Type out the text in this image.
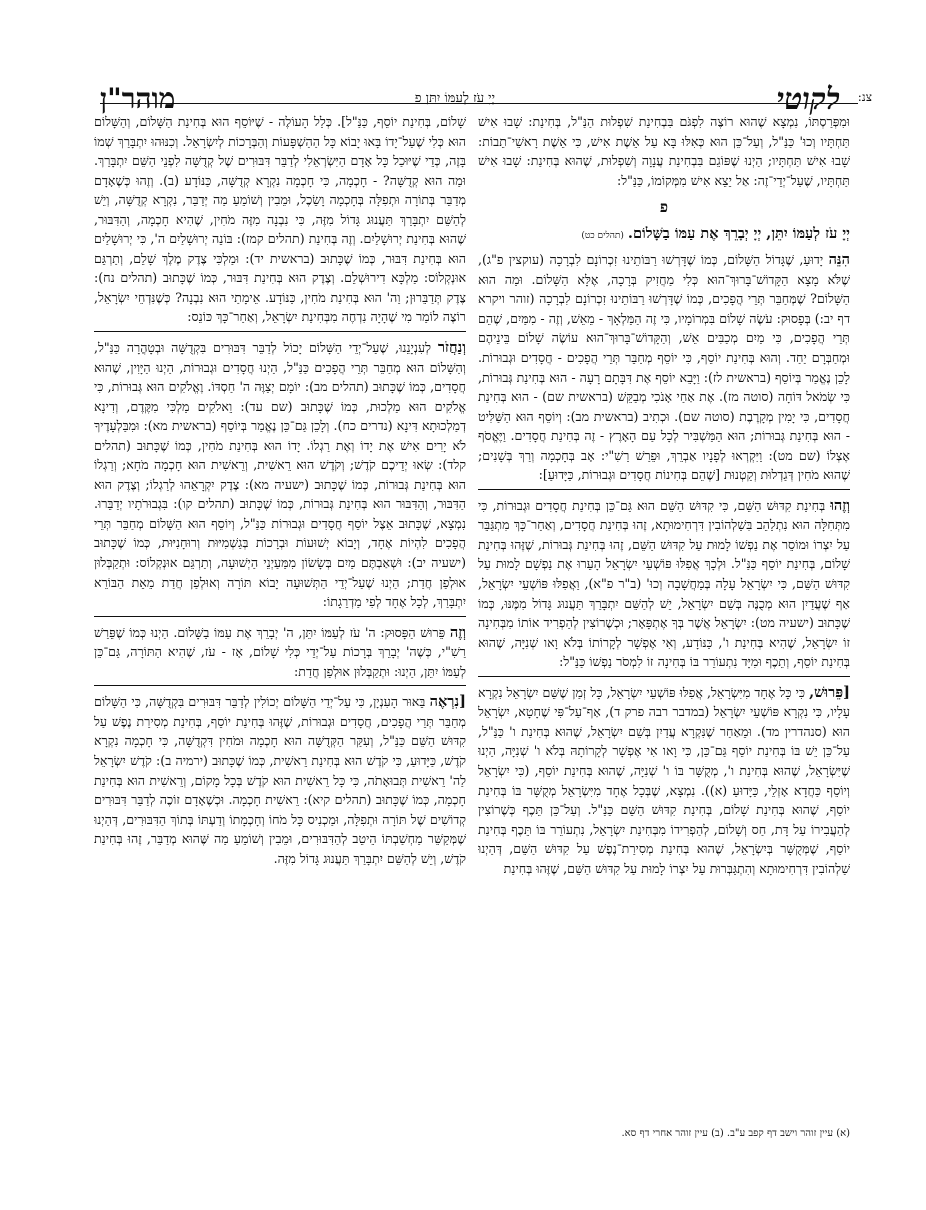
צנ:
לקוטי
יְיָ עֹז לְעַמּוֹ יִתֵּן פ
מוהר"ן

וּמִפְּרַסְתּוֹ, נִמְצָא שֶׁהוּא רוֹצֶה לִפְגֹּם בִּבְחִינַת שִׁפְלוּת הַנַּ"ל, בְּחִינַת: שָׁבוּ אִישׁ תַּחְתָּיו וְכוּ' כַּנַּ"ל, וְעַל־כֵּן הוּא כְּאִלּוּ בָּא עַל אֵשֶׁת אִישׁ, כִּי אֵשֶׁת רָאשֵׁי־תֵבוֹת: שָׁבוּ אִישׁ תַּחְתָּיו; הַיְנוּ שֶׁפּוֹגֵם בִּבְחִינַת עֲנָוָה וְשִׁפְלוּת, שֶׁהוּא בְּחִינַת: שָׁבוּ אִישׁ תַּחְתָּיו, שֶׁעַל־יְדֵי־זֶה: אַל יֵצֵא אִישׁ מִמְּקוֹמוֹ, כַּנַּ"ל:

פ

יְיָ עֹז לְעַמּוֹ יִתֵּן, יְיָ יְבָרֵךְ אֶת עַמּוֹ בַשָּׁלוֹם. (תהלים כט)

הִנֵּה יָדוּעַ, שֶׁגָּדוֹל הַשָּׁלוֹם, כְּמוֹ שֶׁדָּרְשׁוּ רַבּוֹתֵינוּ זִכְרוֹנָם לִבְרָכָה (עוקצין פ"ג), שֶׁלֹּא מָצָא הַקָּדוֹשׁ־בָּרוּךְ־הוּא כְּלִי מַחֲזִיק בְּרָכָה, אֶלָּא הַשָּׁלוֹם. וּמַה הוּא הַשָּׁלוֹם? שֶׁמְּחַבֵּר תְּרֵי הֲפָכִים, כְּמוֹ שֶׁדָּרְשׁוּ רַבּוֹתֵינוּ זִכְרוֹנָם לִבְרָכָה (זוהר ויקרא דף יב:) בְּפָסוּק: עֹשֶׂה שָׁלוֹם בִּמְרוֹמָיו, כִּי זֶה הַמַּלְאָךְ - מֵאֵשׁ, וְזֶה - מִמַּיִם, שֶׁהֵם תְּרֵי הֲפָכִים, כִּי מַיִם מְכַבִּים אֵשׁ, וְהַקָּדוֹשׁ־בָּרוּךְ־הוּא עוֹשֶׂה שָׁלוֹם בֵּינֵיהֶם וּמְחַבְּרָם יַחַד. וְהוּא בְּחִינַת יוֹסֵף, כִּי יוֹסֵף מְחַבֵּר תְּרֵי הֲפָכִים - חֲסָדִים וּגְבוּרוֹת. לָכֵן נֶאֱמַר בְּיוֹסֵף (בראשית לז): וַיָּבֵא יוֹסֵף אֶת דִּבָּתָם רָעָה - הוּא בְּחִינַת גְּבוּרוֹת, כִּי שְׂמֹאל דּוֹחָה (סוטה מז). אֶת אַחַי אָנֹכִי מְבַקֵּשׁ (בראשית שם) - הוּא בְּחִינַת חֲסָדִים, כִּי יָמִין מְקָרֶבֶת (סוטה שם). וּכְתִיב (בראשית מב): וְיוֹסֵף הוּא הַשַּׁלִּיט - הוּא בְּחִינַת גְּבוּרוֹת; הוּא הַמַּשְׁבִּיר לְכָל עַם הָאָרֶץ - זֶה בְּחִינַת חֲסָדִים. וַיֶּאֱסֹף אֶצְלוֹ (שם מט): וַיִּקְרְאוּ לְפָנָיו אַבְרֵךְ, וּפֵרַשׁ רַשִׁ"י: אָב בְּחָכְמָה וְרַךְ בְּשָׁנִים; שֶׁהוּא מֹחִין דְּגַדְלוּת וְקַטְנוּת [שֶׁהֵם בְּחִינוֹת חֲסָדִים וּגְבוּרוֹת, כַּיָּדוּעַ]:

וְזֶהוּ בְּחִינַת קִדּוּשׁ הַשֵּׁם, כִּי קִדּוּשׁ הַשֵּׁם הוּא גַּם־כֵּן בְּחִינַת חֲסָדִים וּגְבוּרוֹת, כִּי מִתְּחִלָּה הוּא נִתְלַהֵב בִּשַׁלְהוֹבִין דִּרְחִימוּתָא, זֶהוּ בְּחִינַת חֲסָדִים, וְאַחַר־כָּךְ מִתְגַּבֵּר עַל יִצְרוֹ וּמוֹסֵר אֶת נַפְשׁוֹ לָמוּת עַל קִדּוּשׁ הַשֵּׁם, זֶהוּ בְּחִינַת גְּבוּרוֹת, שֶׁזֶּהוּ בְּחִינַת שָׁלוֹם, בְּחִינַת יוֹסֵף כַּנַּ"ל. וּלְכָךְ אֲפִלּוּ פּוֹשְׁעֵי יִשְׂרָאֵל הָעֵרוּ אֶת נַפְשָׁם לָמוּת עַל קִדּוּשׁ הַשֵּׁם, כִּי יִשְׂרָאֵל עָלָה בְּמַחֲשָׁבָה וְכוּ' (ב"ר פ"א), וַאֲפִלּוּ פּוֹשְׁעֵי יִשְׂרָאֵל, אַף שֶׁעֲדַיִן הוּא מְכֻנֶּה בְּשֵׁם יִשְׂרָאֵל, יֵשׁ לְהַשֵּׁם יִתְבָּרַךְ תַּעֲנוּג גָּדוֹל מִמֶּנּוּ, כְּמוֹ שֶׁכָּתוּב (ישעיה מט): יִשְׂרָאֵל אֲשֶׁר בְּךָ אֶתְפָּאָר; וּכְשֶׁרוֹצִין לְהַפְרִיד אוֹתוֹ מִבְּחִינָה זוֹ יִשְׂרָאֵל, שֶׁהִיא בְּחִינַת ו', כַּנּוֹדָע, וְאִי אֶפְשָׁר לְקָרוֹתוֹ בְּלֹא וָאו שְׁנִיָּה, שֶׁהוּא בְּחִינַת יוֹסֵף, וְתֵכֶף וּמִיָּד נִתְעוֹרֵר בּוֹ בְּחִינָה זוֹ לִמְסֹר נַפְשׁוֹ כַּנַּ"ל:

[פֵּרוּשׁ, כִּי כָּל אֶחָד מִיִּשְׂרָאֵל, אֲפִלּוּ פּוֹשְׁעֵי יִשְׂרָאֵל, כָּל זְמַן שֶׁשֵּׁם יִשְׂרָאֵל נִקְרָא עָלָיו, כִּי נִקְרָא פּוֹשְׁעֵי יִשְׂרָאֵל (במדבר רבה פרק ד), אַף־עַל־פִּי שֶׁחָטָא, יִשְׂרָאֵל הוּא (סנהדרין מד). וּמֵאַחַר שֶׁנִּקְרָא עֲדַיִן בְּשֵׁם יִשְׂרָאֵל, שֶׁהוּא בְּחִינַת ו' כַּנַּ"ל, עַל־כֵּן יֵשׁ בּוֹ בְּחִינַת יוֹסֵף גַּם־כֵּן, כִּי וָאו אִי אֶפְשָׁר לְקָרוֹתָהּ בְּלֹא ו' שְׁנִיָּה, הַיְנוּ שֶׁיִּשְׂרָאֵל, שֶׁהוּא בְּחִינַת ו', מְקֻשָּׁר בּוֹ ו' שְׁנִיָּה, שֶׁהוּא בְּחִינַת יוֹסֵף, (כִּי יִשְׂרָאֵל וְיוֹסֵף כַּחֲדָא אָזְלֵי, כַּיָּדוּעַ (א)). נִמְצָא, שֶׁבְּכָל אֶחָד מִיִּשְׂרָאֵל מְקֻשָּׁר בּוֹ בְּחִינַת יוֹסֵף, שֶׁהוּא בְּחִינַת שָׁלוֹם, בְּחִינַת קִדּוּשׁ הַשֵּׁם כַּנַּ"ל. וְעַל־כֵּן תֵּכֶף כְּשֶׁרוֹצִין לְהַעֲבִירוֹ עַל דָּת, חַס וְשָׁלוֹם, לְהַפְרִידוֹ מִבְּחִינַת יִשְׂרָאֵל, נִתְעוֹרֵר בּוֹ תֵּכֶף בְּחִינַת יוֹסֵף, שֶׁמְּקֻשָּׁר בְּיִשְׂרָאֵל, שֶׁהוּא בְּחִינַת מְסִירַת־נֶפֶשׁ עַל קִדּוּשׁ הַשֵּׁם, דְּהַיְנוּ שַׁלְהוֹבִין דִּרְחִימוּתָא וְהִתְגַּבְּרוּת עַל יִצְרוֹ לָמוּת עַל קִדּוּשׁ הַשֵּׁם, שֶׁזֶּהוּ בְּחִינַת

שָׁלוֹם, בְּחִינַת יוֹסֵף, כַּנַּ"ל]. כְּלַל הָעוֹלֶה - שֶׁיּוֹסֵף הוּא בְּחִינַת הַשָּׁלוֹם, וְהַשָּׁלוֹם הוּא כְּלִי שֶׁעַל־יָדוֹ בָּאוּ יָבוֹא כָּל הַהַשְׁפָּעוֹת וְהַבְּרָכוֹת לְיִשְׂרָאֵל. וְכִנּוּהוּ יִתְבָּרַךְ שְׁמוֹ בָּזֶה, כְּדֵי שֶׁיּוּכַל כָּל אָדָם הַיִּשְׂרְאֵלִי לְדַבֵּר דִּבּוּרִים שֶׁל קְדֻשָּׁה לִפְנֵי הַשֵּׁם יִתְבָּרַךְ. וּמַה הוּא קְדֻשָּׁה? - חָכְמָה, כִּי חָכְמָה נִקְרָא קְדֻשָּׁה, כַּנּוֹדָע (ב). וְזֶהוּ כְּשֶׁאָדָם מְדַבֵּר בְּתוֹרָה וּתְפִלָּה בְּחָכְמָה וָשֵׂכֶל, וּמֵבִין וְשׁוֹמֵעַ מַה יְּדַבֵּר, נִקְרָא קְדֻשָּׁה, וְיֵשׁ לְהַשֵּׁם יִתְבָּרַךְ תַּעֲנוּג גָּדוֹל מִזֶּה, כִּי נִבְנָה מִזֶּה מֹחִין, שֶׁהִיא חָכְמָה, וְהַדִּבּוּר, שֶׁהוּא בְּחִינַת יְרוּשָׁלַיִם. וְזֶה בְּחִינַת (תהלים קמז): בּוֹנֵה יְרוּשָׁלַיִם ה', כִּי יְרוּשָׁלַיִם הוּא בְּחִינַת דִּבּוּר, כְּמוֹ שֶׁכָּתוּב (בראשית יד): וּמַלְכִּי צֶדֶק מֶלֶךְ שָׁלֵם, וְתַרְגֵּם אוּנְקְלוֹס: מַלְכָּא דִירוּשְׁלֵם. וְצֶדֶק הוּא בְּחִינַת דִּבּוּר, כְּמוֹ שֶׁכָּתוּב (תהלים נח): צֶדֶק תְּדַבֵּרוּן; וַה' הוּא בְּחִינַת מֹחִין, כַּנּוֹדָע. אֵימָתַי הוּא נִבְנָה? כְּשֶׁנִּדְחֵי יִשְׂרָאֵל, רוֹצֶה לוֹמַר מִי שֶׁהָיָה נִדְחֶה מִבְּחִינַת יִשְׂרָאֵל, וְאַחַר־כָּךְ כּוֹנֵס:

וְנַחֲזֹר לְעִנְיָנֵנוּ, שֶׁעַל־יְדֵי הַשָּׁלוֹם יָכוֹל לְדַבֵּר דִּבּוּרִים בִּקְדֻשָּׁה וּבְטָהֳרָה כַּנַּ"ל, וְהַשָּׁלוֹם הוּא מְחַבֵּר תְּרֵי הֲפָכִים כַּנַּ"ל, הַיְנוּ חֲסָדִים וּגְבוּרוֹת, הַיְנוּ הַיָּוִין, שֶׁהוּא חֲסָדִים, כְּמוֹ שֶׁכָּתוּב (תהלים מב): יוֹמָם יְצַוֶּה ה' חַסְדּוֹ. וֶאֱלֹקִים הוּא גְּבוּרוֹת, כִּי אֱלֹקִים הוּא מַלְכוּת, כְּמוֹ שֶׁכָּתוּב (שם עד): וֵאלֹקִים מַלְכִּי מִקֶּדֶם, וְדִינָא דְמַלְכוּתָא דִּינָא (נדרים כח). וְלָכֵן גַּם־כֵּן נֶאֱמַר בְּיוֹסֵף (בראשית מא): וּמִבַּלְעָדֶיךָ לֹא יָרִים אִישׁ אֶת יָדוֹ וְאֶת רַגְלוֹ. יָדוֹ הוּא בְּחִינַת מֹחִין, כְּמוֹ שֶׁכָּתוּב (תהלים קלד): שְׂאוּ יְדֵיכֶם קֹדֶשׁ; וְקֹדֶשׁ הוּא רֵאשִׁית, וְרֵאשִׁית הוּא חָכְמָה מֹחָא; וְרַגְלוֹ הוּא בְּחִינַת גְּבוּרוֹת, כְּמוֹ שֶׁכָּתוּב (ישעיה מא): צֶדֶק יִקְרָאֵהוּ לְרַגְלוֹ; וְצֶדֶק הוּא הַדִּבּוּר, וְהַדִּבּוּר הוּא בְּחִינַת גְּבוּרוֹת, כְּמוֹ שֶׁכָּתוּב (תהלים קו): בִּגְבוּרֹתָיו יְדַבֵּרוּ. נִמְצָא, שֶׁכָּתוּב אֵצֶל יוֹסֵף חֲסָדִים וּגְבוּרוֹת כַּנַּ"ל, וְיוֹסֵף הוּא הַשָּׁלוֹם מְחַבֵּר תְּרֵי הֲפָכִים לִהְיוֹת אֶחָד, וְיָבוֹא יְשׁוּעוֹת וּבְרָכוֹת בְּגַשְׁמִיּוּת וְרוּחָנִיּוּת, כְּמוֹ שֶׁכָּתוּב (ישעיה יב): וּשְׁאַבְתֶּם מַיִם בְּשָׂשׂוֹן מִמַּעַיְנֵי הַיְשׁוּעָה, וְתַרְגֵּם אוּנְקְלוֹס: וּתְקַבְּלוּן אוּלְפַן חֲדַת; הַיְנוּ שֶׁעַל־יְדֵי הַתְּשׁוּעָה יָבוֹא תּוֹרָה וְאוּלְפַן חֲדַת מֵאֵת הַבּוֹרֵא יִתְבָּרַךְ, לְכָל אֶחָד לְפִי מַדְרֵגָתוֹ:

וְזֶה פֵּרוּשׁ הַפָּסוּק: ה' עֹז לְעַמּוֹ יִתֵּן, ה' יְבָרֵךְ אֶת עַמּוֹ בַשָּׁלוֹם. הַיְנוּ כְּמוֹ שֶׁפֵּרַשׁ רַשִׁ"י, כְּשֶׁה' יְבָרֵךְ בְּרָכוֹת עַל־יְדֵי כְּלִי שָׁלוֹם, אָז - עֹז, שֶׁהִיא הַתּוֹרָה, גַּם־כֵּן לְעַמּוֹ יִתֵּן, הַיְנוּ: וּתְקַבְּלוּן אוּלְפַן חֲדַת:

[נִרְאֶה בֵּאוּר הָעִנְיָן, כִּי עַל־יְדֵי הַשָּׁלוֹם יְכוֹלִין לְדַבֵּר דִּבּוּרִים בִּקְדֻשָּׁה, כִּי הַשָּׁלוֹם מְחַבֵּר תְּרֵי הֲפָכִים, חֲסָדִים וּגְבוּרוֹת, שֶׁזֶּהוּ בְּחִינַת יוֹסֵף, בְּחִינַת מְסִירַת נֶפֶשׁ עַל קִדּוּשׁ הַשֵּׁם כַּנַּ"ל, וְעִקַּר הַקְּדֻשָּׁה הוּא חָכְמָה וּמֹחִין דִּקְדֻשָּׁה, כִּי חָכְמָה נִקְרָא קֹדֶשׁ, כַּיָּדוּעַ, כִּי קֹדֶשׁ הוּא בְּחִינַת רֵאשִׁית, כְּמוֹ שֶׁכָּתוּב (ירמיה ב): קֹדֶשׁ יִשְׂרָאֵל לַה' רֵאשִׁית תְּבוּאָתֹה, כִּי כָּל רֵאשִׁית הוּא קֹדֶשׁ בְּכָל מָקוֹם, וְרֵאשִׁית הוּא בְּחִינַת חָכְמָה, כְּמוֹ שֶׁכָּתוּב (תהלים קיא): רֵאשִׁית חָכְמָה. וּכְשֶׁאָדָם זוֹכֶה לְדַבֵּר דִּבּוּרִים קְדוֹשִׁים שֶׁל תּוֹרָה וּתְפִלָּה, וּמַכְנִיס כָּל מֹחוֹ וְחָכְמָתוֹ וְדַעְתּוֹ בְּתוֹךְ הַדִּבּוּרִים, דְּהַיְנוּ שֶׁמְּקַשֵּׁר מַחְשַׁבְתּוֹ הֵיטֵב לְהַדִּבּוּרִים, וּמֵבִין וְשׁוֹמֵעַ מַה שֶּׁהוּא מְדַבֵּר, זֶהוּ בְּחִינַת קֹדֶשׁ, וְיֵשׁ לְהַשֵּׁם יִתְבָּרַךְ תַּעֲנוּג גָּדוֹל מִזֶּה.

(א) עיין זוהר וישב דף קפב ע"ב. (ב) עיין זוהר אחרי דף סא.
